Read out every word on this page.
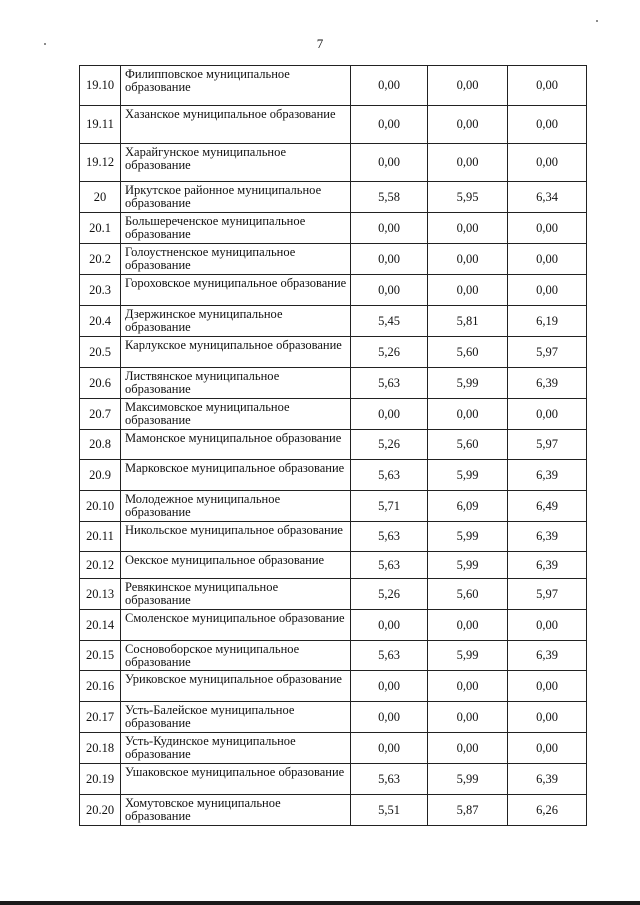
7
19.10	Филипповское муниципальное образование	0,00	0,00	0,00
19.11	Хазанское муниципальное образование	0,00	0,00	0,00
19.12	Харайгунское муниципальное образование	0,00	0,00	0,00
20	Иркутское районное муниципальное образование	5,58	5,95	6,34
20.1	Большереченское муниципальное образование	0,00	0,00	0,00
20.2	Голоустненское муниципальное образование	0,00	0,00	0,00
20.3	Гороховское муниципальное образование	0,00	0,00	0,00
20.4	Дзержинское муниципальное образование	5,45	5,81	6,19
20.5	Карлукское муниципальное образование	5,26	5,60	5,97
20.6	Листвянское муниципальное образование	5,63	5,99	6,39
20.7	Максимовское муниципальное образование	0,00	0,00	0,00
20.8	Мамонское муниципальное образование	5,26	5,60	5,97
20.9	Марковское муниципальное образование	5,63	5,99	6,39
20.10	Молодежное муниципальное образование	5,71	6,09	6,49
20.11	Никольское муниципальное образование	5,63	5,99	6,39
20.12	Оекское муниципальное образование	5,63	5,99	6,39
20.13	Ревякинское муниципальное образование	5,26	5,60	5,97
20.14	Смоленское муниципальное образование	0,00	0,00	0,00
20.15	Сосновоборское муниципальное образование	5,63	5,99	6,39
20.16	Уриковское муниципальное образование	0,00	0,00	0,00
20.17	Усть-Балейское муниципальное образование	0,00	0,00	0,00
20.18	Усть-Кудинское муниципальное образование	0,00	0,00	0,00
20.19	Ушаковское муниципальное образование	5,63	5,99	6,39
20.20	Хомутовское муниципальное образование	5,51	5,87	6,26
